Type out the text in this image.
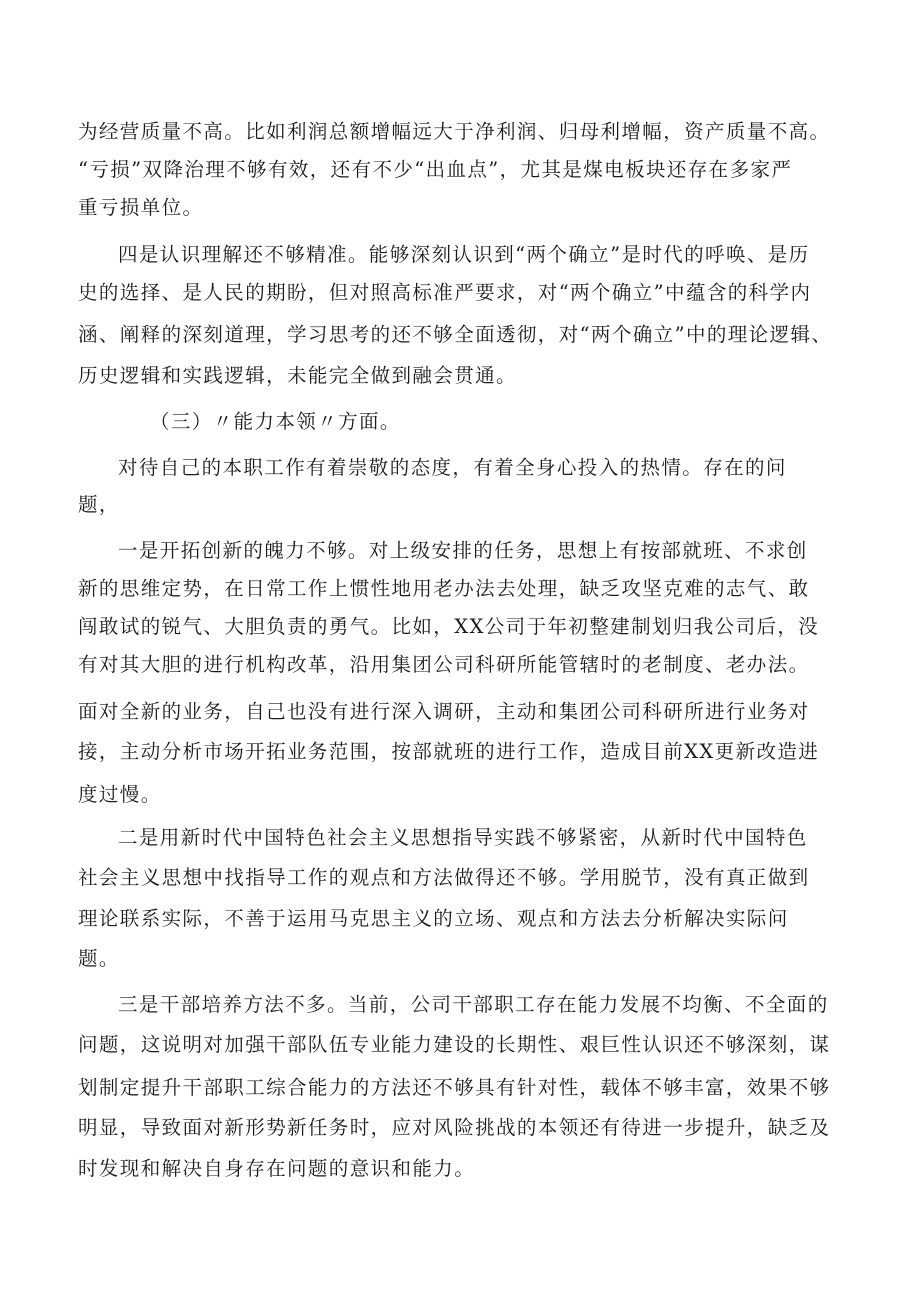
为经营质量不高。比如利润总额增幅远大于净利润、归母利增幅，资产质量不高。
“亏损”双降治理不够有效，还有不少“出血点”，尤其是煤电板块还存在多家严
重亏损单位。
四是认识理解还不够精准。能够深刻认识到“两个确立”是时代的呼唤、是历
史的选择、是人民的期盼，但对照高标准严要求，对“两个确立”中蕴含的科学内
涵、阐释的深刻道理，学习思考的还不够全面透彻，对“两个确立”中的理论逻辑、
历史逻辑和实践逻辑，未能完全做到融会贯通。
（三）〃能力本领〃方面。
对待自己的本职工作有着崇敬的态度，有着全身心投入的热情。存在的问
题，
一是开拓创新的魄力不够。对上级安排的任务，思想上有按部就班、不求创
新的思维定势，在日常工作上惯性地用老办法去处理，缺乏攻坚克难的志气、敢
闯敢试的锐气、大胆负责的勇气。比如，XX公司于年初整建制划归我公司后，没
有对其大胆的进行机构改革，沿用集团公司科研所能管辖时的老制度、老办法。
面对全新的业务，自己也没有进行深入调研，主动和集团公司科研所进行业务对
接，主动分析市场开拓业务范围，按部就班的进行工作，造成目前XX更新改造进
度过慢。
二是用新时代中国特色社会主义思想指导实践不够紧密，从新时代中国特色
社会主义思想中找指导工作的观点和方法做得还不够。学用脱节，没有真正做到
理论联系实际，不善于运用马克思主义的立场、观点和方法去分析解决实际问
题。
三是干部培养方法不多。当前，公司干部职工存在能力发展不均衡、不全面的
问题，这说明对加强干部队伍专业能力建设的长期性、艰巨性认识还不够深刻，谋
划制定提升干部职工综合能力的方法还不够具有针对性，载体不够丰富，效果不够
明显，导致面对新形势新任务时，应对风险挑战的本领还有待进一步提升，缺乏及
时发现和解决自身存在问题的意识和能力。
